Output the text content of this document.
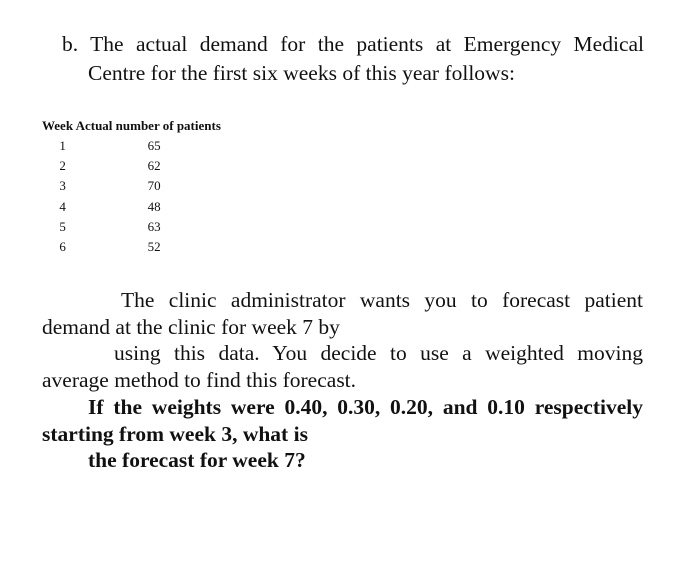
b. The actual demand for the patients at Emergency Medical
Centre for the first six weeks of this year follows:
Week Actual number of patients	
1	65
2	62
3	70
4	48
5	63
6	52
The clinic administrator wants you to forecast patient
demand at the clinic for week 7 by
using this data. You decide to use a weighted moving
average method to find this forecast.
If the weights were 0.40, 0.30, 0.20, and 0.10 respectively
starting from week 3, what is
the forecast for week 7?
